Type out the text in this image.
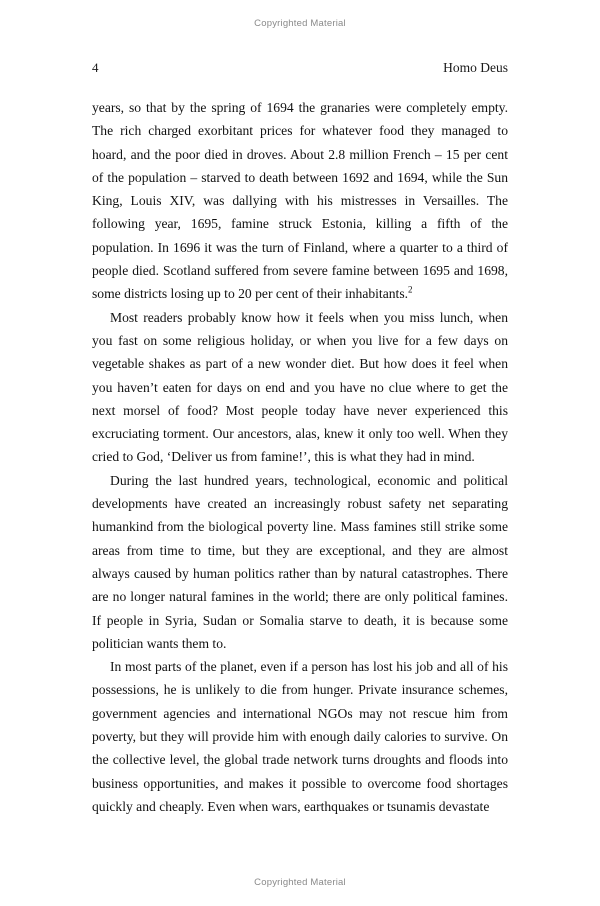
Copyrighted Material
4	Homo Deus

years, so that by the spring of 1694 the granaries were completely empty. The rich charged exorbitant prices for whatever food they managed to hoard, and the poor died in droves. About 2.8 million French – 15 per cent of the population – starved to death between 1692 and 1694, while the Sun King, Louis XIV, was dallying with his mistresses in Versailles. The following year, 1695, famine struck Estonia, killing a fifth of the population. In 1696 it was the turn of Finland, where a quarter to a third of people died. Scotland suffered from severe famine between 1695 and 1698, some districts losing up to 20 per cent of their inhabitants.$^2$

Most readers probably know how it feels when you miss lunch, when you fast on some religious holiday, or when you live for a few days on vegetable shakes as part of a new wonder diet. But how does it feel when you haven’t eaten for days on end and you have no clue where to get the next morsel of food? Most people today have never experienced this excruciating torment. Our ancestors, alas, knew it only too well. When they cried to God, ‘Deliver us from famine!’, this is what they had in mind.

During the last hundred years, technological, economic and political developments have created an increasingly robust safety net separating humankind from the biological poverty line. Mass famines still strike some areas from time to time, but they are exceptional, and they are almost always caused by human politics rather than by natural catastrophes. There are no longer natural famines in the world; there are only political famines. If people in Syria, Sudan or Somalia starve to death, it is because some politician wants them to.

In most parts of the planet, even if a person has lost his job and all of his possessions, he is unlikely to die from hunger. Private insurance schemes, government agencies and international NGOs may not rescue him from poverty, but they will provide him with enough daily calories to survive. On the collective level, the global trade network turns droughts and floods into business opportunities, and makes it possible to overcome food shortages quickly and cheaply. Even when wars, earthquakes or tsunamis devastate

Copyrighted Material
